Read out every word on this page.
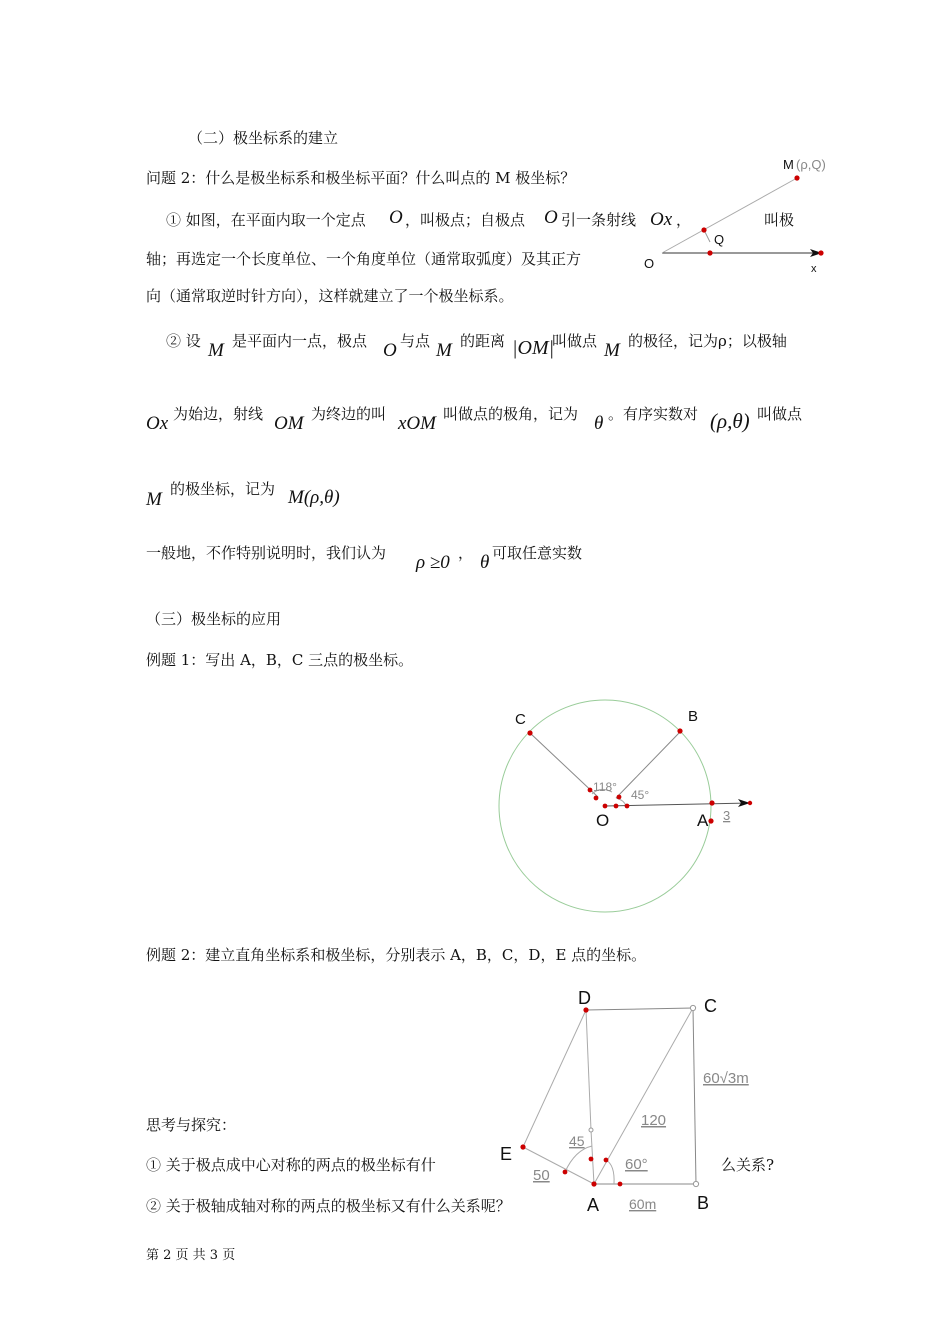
（二）极坐标系的建立
问题 2：什么是极坐标系和极坐标平面？什么叫点的 M 极坐标？
① 如图，在平面内取一个定点 O ，叫极点；自极点 O 引一条射线 Ox ，	叫极
轴；再选定一个长度单位、一个角度单位（通常取弧度）及其正方
向（通常取逆时针方向），这样就建立了一个极坐标系。
M (ρ,Q)
Q
O	x
② 设 M 是平面内一点，极点 O 与点 M 的距离 |OM|
叫做点 M 的极径，记为ρ；以极轴
Ox 为始边，射线 OM 为终边的叫 xOM 叫做点的极角，记为 θ 。有序实数对 (ρ,θ) 叫做点
M 的极坐标，记为 M(ρ,θ)
一般地，不作特别说明时，我们认为 ρ ≥0 ， θ 可取任意实数
（三）极坐标的应用
例题 1：写出 A，B，C 三点的极坐标。
C	B
O	A
118°
45°
3
例题 2：建立直角坐标系和极坐标，分别表示 A，B，C，D，E 点的坐标。
D	C
E
A	B
60√3m
120
45
60°
50
60m
思考与探究：
① 关于极点成中心对称的两点的极坐标有什	么关系?
② 关于极轴成轴对称的两点的极坐标又有什么关系呢？
第 2 页 共 3 页
